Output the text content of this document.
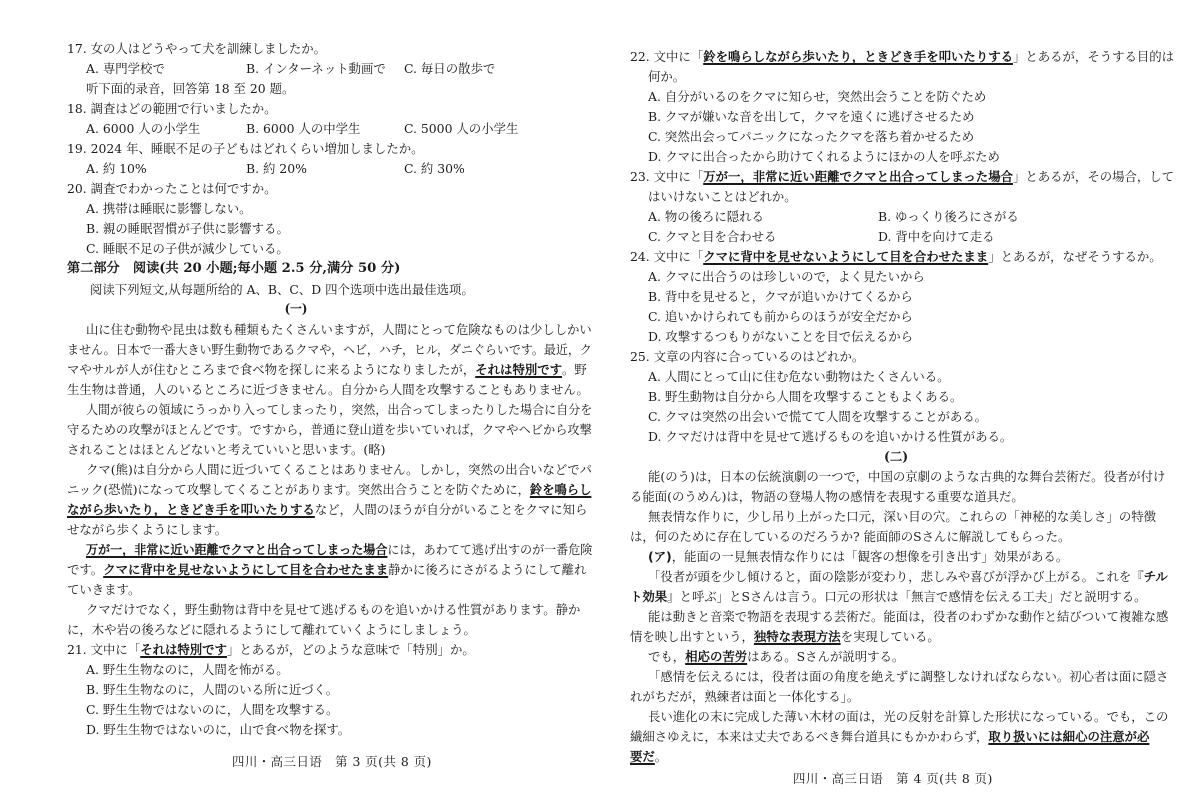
17. 女の人はどうやって犬を訓練しましたか。
A. 専門学校で	B. インターネット動画で C. 毎日の散歩で
听下面的录音，回答第 18 至 20 题。
18. 調査はどの範囲で行いましたか。
A. 6000 人の小学生	B. 6000 人の中学生	C. 5000 人の小学生
19. 2024 年、睡眠不足の子どもはどれくらい増加しましたか。
A. 約 10%	B. 約 20%	C. 約 30%
20. 調査でわかったことは何ですか。
A. 携帯は睡眠に影響しない。
B. 親の睡眠習慣が子供に影響する。
C. 睡眠不足の子供が減少している。
第二部分　阅读(共 20 小题;每小题 2.5 分,满分 50 分)
阅读下列短文,从每题所给的 A、B、C、D 四个选项中选出最佳选项。
(一)
山に住む動物や昆虫は数も種類もたくさんいますが，人間にとって危険なものは少ししかい
ません。日本で一番大きい野生動物であるクマや，ヘビ，ハチ，ヒル，ダニぐらいです。最近，ク
マやサルが人が住むところまで食べ物を探しに来るようになりましたが，それは特別です。野
生生物は普通，人のいるところに近づきません。自分から人間を攻撃することもありません。
人間が彼らの領域にうっかり入ってしまったり，突然，出合ってしまったりした場合に自分を
守るための攻撃がほとんどです。ですから，普通に登山道を歩いていれば，クマやヘビから攻撃
されることはほとんどないと考えていいと思います。(略)
クマ(熊)は自分から人間に近づいてくることはありません。しかし，突然の出合いなどでパ
ニック(恐慌)になって攻撃してくることがあります。突然出合うことを防ぐために，鈴を鳴らし
ながら歩いたり，ときどき手を叩いたりするなど，人間のほうが自分がいることをクマに知ら
せながら歩くようにします。
万が一，非常に近い距離でクマと出合ってしまった場合には，あわてて逃げ出すのが一番危険
です。クマに背中を見せないようにして目を合わせたまま静かに後ろにさがるようにして離れ
ていきます。
クマだけでなく，野生動物は背中を見せて逃げるものを追いかける性質があります。静か
に，木や岩の後ろなどに隠れるようにして離れていくようにしましょう。
21. 文中に「それは特別です」とあるが，どのような意味で「特別」か。
A. 野生生物なのに，人間を怖がる。
B. 野生生物なのに，人間のいる所に近づく。
C. 野生生物ではないのに，人間を攻撃する。
D. 野生生物ではないのに，山で食べ物を探す。
四川・高三日语　第 3 页(共 8 页)
22. 文中に「鈴を鳴らしながら歩いたり，ときどき手を叩いたりする」とあるが，そうする目的は
何か。
A. 自分がいるのをクマに知らせ，突然出会うことを防ぐため
B. クマが嫌いな音を出して，クマを遠くに逃げさせるため
C. 突然出会ってパニックになったクマを落ち着かせるため
D. クマに出合ったから助けてくれるようにほかの人を呼ぶため
23. 文中に「万が一，非常に近い距離でクマと出合ってしまった場合」とあるが，その場合，して
はいけないことはどれか。
A. 物の後ろに隠れる	B. ゆっくり後ろにさがる
C. クマと目を合わせる	D. 背中を向けて走る
24. 文中に「クマに背中を見せないようにして目を合わせたまま」とあるが，なぜそうするか。
A. クマに出合うのは珍しいので，よく見たいから
B. 背中を見せると，クマが追いかけてくるから
C. 追いかけられても前からのほうが安全だから
D. 攻撃するつもりがないことを目で伝えるから
25. 文章の内容に合っているのはどれか。
A. 人間にとって山に住む危ない動物はたくさんいる。
B. 野生動物は自分から人間を攻撃することもよくある。
C. クマは突然の出会いで慌てて人間を攻撃することがある。
D. クマだけは背中を見せて逃げるものを追いかける性質がある。
(二)
能(のう)は，日本の伝統演劇の一つで，中国の京劇のような古典的な舞台芸術だ。役者が付け
る能面(のうめん)は，物語の登場人物の感情を表現する重要な道具だ。
無表情な作りに，少し吊り上がった口元，深い目の穴。これらの「神秘的な美しさ」の特徴
は，何のために存在しているのだろうか? 能面師のSさんに解説してもらった。
(ア)，能面の一見無表情な作りには「観客の想像を引き出す」効果がある。
「役者が頭を少し傾けると，面の陰影が変わり，悲しみや喜びが浮かび上がる。これを『チル
ト効果』と呼ぶ」とSさんは言う。口元の形状は「無言で感情を伝える工夫」だと説明する。
能は動きと音楽で物語を表現する芸術だ。能面は，役者のわずかな動作と結びついて複雑な感
情を映し出すという，独特な表現方法を実現している。
でも，相応の苦労はある。Sさんが説明する。
「感情を伝えるには，役者は面の角度を絶えずに調整しなければならない。初心者は面に隠さ
れがちだが，熟練者は面と一体化する」。
長い進化の末に完成した薄い木材の面は，光の反射を計算した形状になっている。でも，この
繊細さゆえに，本来は丈夫であるべき舞台道具にもかかわらず，取り扱いには細心の注意が必
要だ。
四川・高三日语　第 4 页(共 8 页)
